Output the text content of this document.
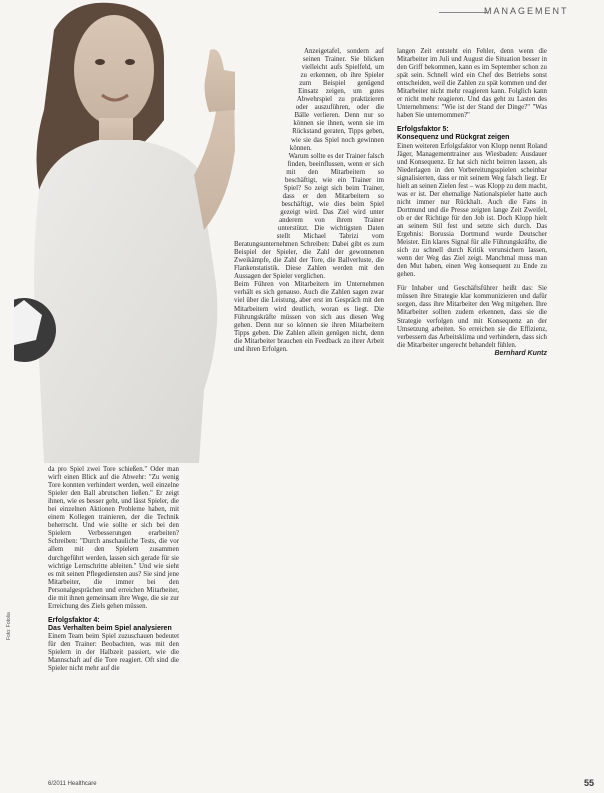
MANAGEMENT

da pro Spiel zwei Tore schießen." Oder man wirft einen Blick auf die Abwehr: "Zu wenig Tore konnten verhindert werden, weil einzelne Spieler den Ball abrutschen ließen." Er zeigt ihnen, wie es besser geht, und lässt Spieler, die bei einzelnen Aktionen Probleme haben, mit einem Kollegen trainieren, der die Technik beherrscht. Und wie sollte er sich bei den Spielern Verbesserungen erarbeiten? Schreiben: "Durch anschauliche Tests, die vor allem mit den Spielern zusammen durchgeführt werden, lassen sich gerade für sie wichtige Lernschritte ableiten." Und wie sieht es mit seinen Pflegediensten aus? Sie sind jene Mitarbeiter, die immer bei den Personalgesprächen und erreichen Mitarbeiter, die mit ihnen gemeinsam ihre Wege, die sie zur Erreichung des Ziels gehen müssen.

Erfolgsfaktor 4:

Das Verhalten beim Spiel analysieren

Einem Team beim Spiel zuzuschauen bedeutet für den Trainer: Beobachten, was mit den Spielern in der Halbzeit passiert, wie die Mannschaft auf die Tore reagiert. Oft sind die Spieler nicht mehr auf die

Anzeigetafel, sondern auf seinen Trainer. Sie blicken vielleicht aufs Spielfeld, um zu erkennen, ob ihre Spieler zum Beispiel genügend Einsatz zeigen, um gutes Abwehrspiel zu praktizieren oder auszuführen, oder die Bälle verlieren. Denn nur so können sie ihnen, wenn sie im Rückstand geraten, Tipps geben, wie sie das Spiel noch gewinnen können.

Warum sollte es der Trainer falsch finden, beeinflussen, wenn er sich mit den Mitarbeitern so beschäftigt, wie ein Trainer im Spiel? So zeigt sich beim Trainer, dass er den Mitarbeitern so beschäftigt, wie dies beim Spiel gezeigt wird. Das Ziel wird unter anderem von ihrem Trainer unterstützt. Die wichtigsten Daten stellt Michael Tabrizi vom Beratungsunternehmen Schreiben: Dabei gibt es zum Beispiel der Spieler, die Zahl der gewonnenen Zweikämpfe, die Zahl der Tore, die Ballverluste, die Flankenstatistik. Diese Zahlen werden mit den Aussagen der Spieler verglichen.

Beim Führen von Mitarbeitern im Unternehmen verhält es sich genauso. Auch die Zahlen sagen zwar viel über die Leistung, aber erst im Gespräch mit den Mitarbeitern wird deutlich, woran es liegt. Die Führungskräfte müssen von sich aus diesen Weg gehen. Denn nur so können sie ihren Mitarbeitern Tipps geben. Die Zahlen allein genügen nicht, denn die Mitarbeiter brauchen ein Feedback zu ihrer Arbeit und ihren Erfolgen.

langen Zeit entsteht ein Fehler, denn wenn die Mitarbeiter im Juli und August die Situation besser in den Griff bekommen, kann es im September schon zu spät sein. Schnell wird ein Chef des Betriebs sonst entscheiden, weil die Zahlen zu spät kommen und der Mitarbeiter nicht mehr reagieren kann. Folglich kann er nicht mehr reagieren. Und das geht zu Lasten des Unternehmens: "Wie ist der Stand der Dinge?" "Was haben Sie unternommen?"

Erfolgsfaktor 5:

Konsequenz und Rückgrat zeigen

Einen weiteren Erfolgsfaktor von Klopp nennt Roland Jäger, Managementtrainer aus Wiesbaden: Ausdauer und Konsequenz. Er hat sich nicht beirren lassen, als Niederlagen in den Vorbereitungsspielen scheinbar signalisierten, dass er mit seinem Weg falsch liegt. Er hielt an seinen Zielen fest – was Klopp zu dem macht, was er ist. Der ehemalige Nationalspieler hatte auch nicht immer nur Rückhalt. Auch die Fans in Dortmund und die Presse zeigten lange Zeit Zweifel, ob er der Richtige für den Job ist. Doch Klopp hielt an seinem Stil fest und setzte sich durch. Das Ergebnis: Borussia Dortmund wurde Deutscher Meister. Ein klares Signal für alle Führungskräfte, die sich zu schnell durch Kritik verunsichern lassen, wenn der Weg das Ziel zeigt. Manchmal muss man den Mut haben, einen Weg konsequent zu Ende zu gehen.

Für Inhaber und Geschäftsführer heißt das: Sie müssen ihre Strategie klar kommunizieren und dafür sorgen, dass ihre Mitarbeiter den Weg mitgehen. Ihre Mitarbeiter sollten zudem erkennen, dass sie die Strategie verfolgen und mit Konsequenz an der Umsetzung arbeiten. So erreichen sie die Effizienz, verbessern das Arbeitsklima und verhindern, dass sich die Mitarbeiter ungerecht behandelt fühlen.

Bernhard Kuntz

Foto: Fotolia
6/2011 Healthcare	55
